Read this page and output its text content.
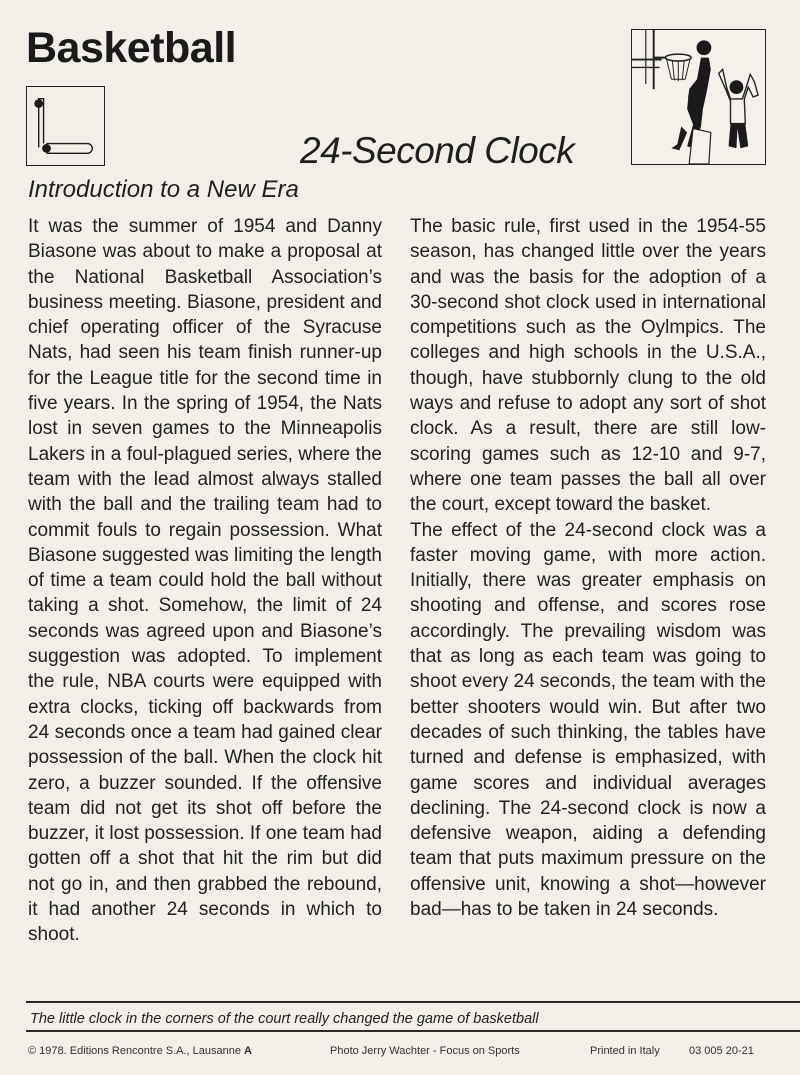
Basketball
24-Second Clock
Introduction to a New Era

It was the summer of 1954 and Danny Biasone was about to make a proposal at the National Basketball Association’s business meeting. Biasone, president and chief operating officer of the Syracuse Nats, had seen his team finish runner-up for the League title for the second time in five years. In the spring of 1954, the Nats lost in seven games to the Minneapolis Lakers in a foul-plagued series, where the team with the lead almost always stalled with the ball and the trailing team had to commit fouls to regain possession. What Biasone suggested was limiting the length of time a team could hold the ball without taking a shot. Somehow, the limit of 24 seconds was agreed upon and Biasone’s suggestion was adopted. To implement the rule, NBA courts were equipped with extra clocks, ticking off backwards from 24 seconds once a team had gained clear possession of the ball. When the clock hit zero, a buzzer sounded. If the offensive team did not get its shot off before the buzzer, it lost possession. If one team had gotten off a shot that hit the rim but did not go in, and then grabbed the rebound, it had another 24 seconds in which to shoot.

The basic rule, first used in the 1954-55 season, has changed little over the years and was the basis for the adoption of a 30-second shot clock used in international competitions such as the Oylmpics. The colleges and high schools in the U.S.A., though, have stubbornly clung to the old ways and refuse to adopt any sort of shot clock. As a result, there are still low-scoring games such as 12-10 and 9-7, where one team passes the ball all over the court, except toward the basket.

The effect of the 24-second clock was a faster moving game, with more action. Initially, there was greater emphasis on shooting and offense, and scores rose accordingly. The prevailing wisdom was that as long as each team was going to shoot every 24 seconds, the team with the better shooters would win. But after two decades of such thinking, the tables have turned and defense is emphasized, with game scores and individual averages declining. The 24-second clock is now a defensive weapon, aiding a defending team that puts maximum pressure on the offensive unit, knowing a shot—however bad—has to be taken in 24 seconds.

The little clock in the corners of the court really changed the game of basketball

© 1978. Editions Rencontre S.A., Lausanne A	Photo Jerry Wachter - Focus on Sports	Printed in Italy	03 005 20-21
